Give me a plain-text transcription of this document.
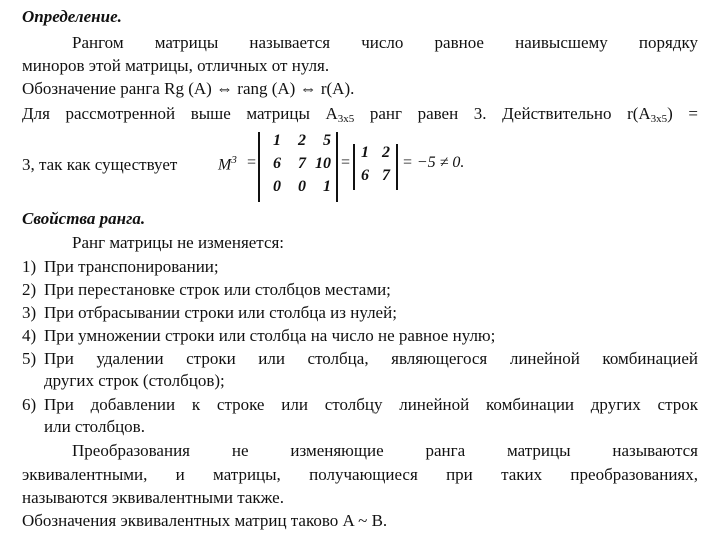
Определение.
Рангом матрицы называется число равное наивысшему порядку
миноров этой матрицы, отличных от нуля.
Обозначение ранга Rg (A) ⇔ rang (A) ⇔ r(A).
Для рассмотренной выше матрицы $A_{3x5}$ ранг равен 3. Действительно $r(A_{3x5})$ =
3, так как существует	$M^3$ =
1	2	5
6	7 10
0	0	1
=
1 2
6 7
= −5 ≠ 0.
Свойства ранга.
Ранг матрицы не изменяется:
1) При транспонировании;
2) При перестановке строк или столбцов местами;
3) При отбрасывании строки или столбца из нулей;
4) При умножении строки или столбца на число не равное нулю;
5) При удалении строки или столбца, являющегося линейной комбинацией
других строк (столбцов);
6) При добавлении к строке или столбцу линейной комбинации других строк
или столбцов.
Преобразования не изменяющие ранга матрицы называются
эквивалентными, и матрицы, получающиеся при таких преобразованиях,
называются эквивалентными также.
Обозначения эквивалентных матриц таково A ~ B.
